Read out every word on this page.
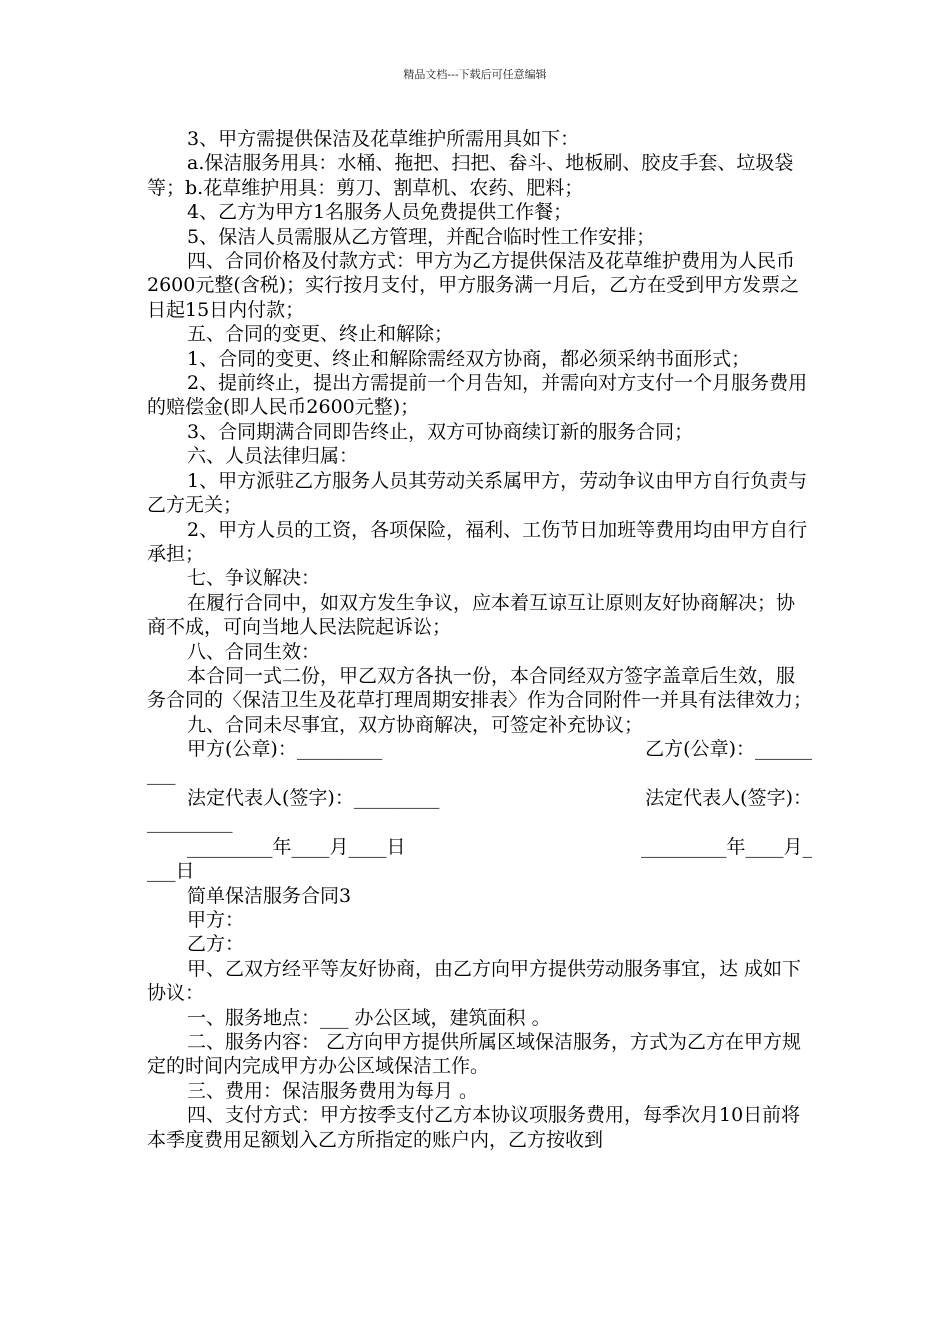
精品文档---下载后可任意编辑

3、甲方需提供保洁及花草维护所需用具如下：

a.保洁服务用具：水桶、拖把、扫把、畚斗、地板刷、胶皮手套、垃圾袋等；b.花草维护用具：剪刀、割草机、农药、肥料；

4、乙方为甲方1名服务人员免费提供工作餐；

5、保洁人员需服从乙方管理，并配合临时性工作安排；

四、合同价格及付款方式：甲方为乙方提供保洁及花草维护费用为人民币2600元整(含税)；实行按月支付，甲方服务满一月后，乙方在受到甲方发票之日起15日内付款；

五、合同的变更、终止和解除；

1、合同的变更、终止和解除需经双方协商，都必须采纳书面形式；

2、提前终止，提出方需提前一个月告知，并需向对方支付一个月服务费用的赔偿金(即人民币2600元整)；

3、合同期满合同即告终止，双方可协商续订新的服务合同；

六、人员法律归属：

1、甲方派驻乙方服务人员其劳动关系属甲方，劳动争议由甲方自行负责与乙方无关；

2、甲方人员的工资，各项保险，福利、工伤节日加班等费用均由甲方自行承担；

七、争议解决：

在履行合同中，如双方发生争议，应本着互谅互让原则友好协商解决；协商不成，可向当地人民法院起诉讼；

八、合同生效：

本合同一式二份，甲乙双方各执一份，本合同经双方签字盖章后生效，服务合同的〈保洁卫生及花草打理周期安排表〉作为合同附件一并具有法律效力；

九、合同未尽事宜，双方协商解决，可签定补充协议；

甲方(公章)：_________	乙方(公章)：______
___
法定代表人(签字)：_________	法定代表人(签字)：
_________
_________年____月____日	_________年____月_
___日

简单保洁服务合同3

甲方：

乙方：

甲、乙双方经平等友好协商，由乙方向甲方提供劳动服务事宜，达 成如下协议：

一、服务地点：___ 办公区域，建筑面积 。

二、服务内容： 乙方向甲方提供所属区域保洁服务，方式为乙方在甲方规定的时间内完成甲方办公区域保洁工作。

三、费用：保洁服务费用为每月 。

四、支付方式：甲方按季支付乙方本协议项服务费用，每季次月10日前将本季度费用足额划入乙方所指定的账户内，乙方按收到
